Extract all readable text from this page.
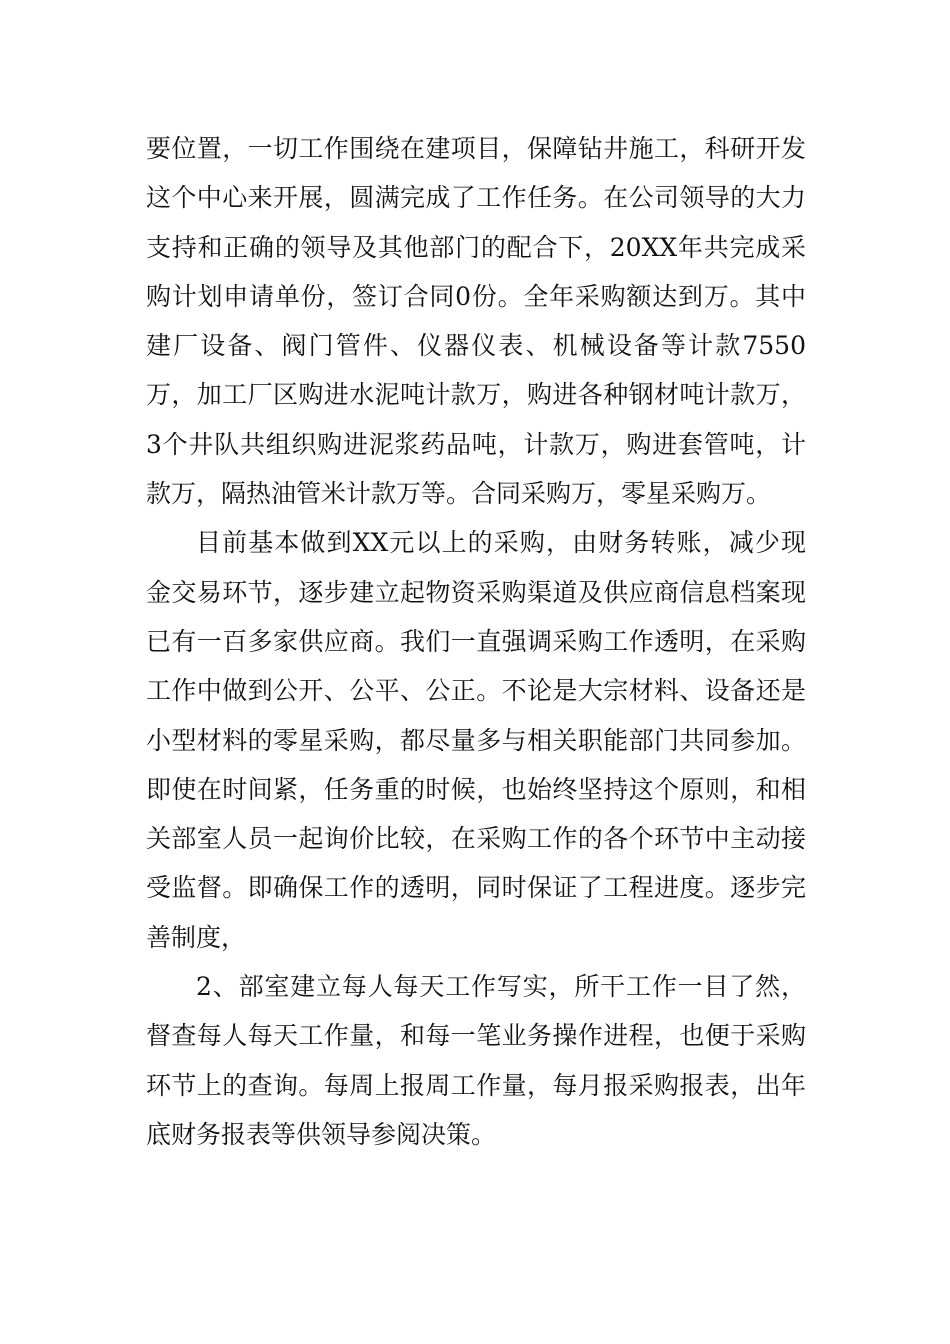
要位置，一切工作围绕在建项目，保障钻井施工，科研开发这个中心来开展，圆满完成了工作任务。在公司领导的大力支持和正确的领导及其他部门的配合下，20XX年共完成采购计划申请单份，签订合同0份。全年采购额达到万。其中建厂设备、阀门管件、仪器仪表、机械设备等计款7550万，加工厂区购进水泥吨计款万，购进各种钢材吨计款万，3个井队共组织购进泥浆药品吨，计款万，购进套管吨，计款万，隔热油管米计款万等。合同采购万，零星采购万。

目前基本做到XX元以上的采购，由财务转账，减少现金交易环节，逐步建立起物资采购渠道及供应商信息档案现已有一百多家供应商。我们一直强调采购工作透明，在采购工作中做到公开、公平、公正。不论是大宗材料、设备还是小型材料的零星采购，都尽量多与相关职能部门共同参加。即使在时间紧，任务重的时候，也始终坚持这个原则，和相关部室人员一起询价比较，在采购工作的各个环节中主动接受监督。即确保工作的透明，同时保证了工程进度。逐步完善制度，

2、部室建立每人每天工作写实，所干工作一目了然，督查每人每天工作量，和每一笔业务操作进程，也便于采购环节上的查询。每周上报周工作量，每月报采购报表，出年底财务报表等供领导参阅决策。
